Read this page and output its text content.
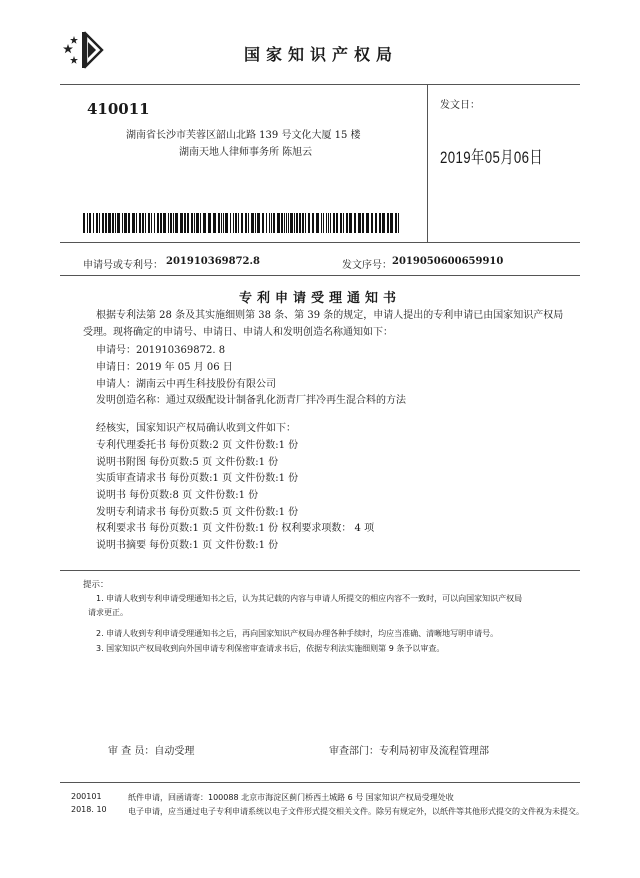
国家知识产权局
410011
湖南省长沙市芙蓉区韶山北路 139 号文化大厦 15 楼
湖南天地人律师事务所 陈旭云
发文日：
2019年05月06日
申请号或专利号： 201910369872.8	发文序号： 2019050600659910
专利申请受理通知书
根据专利法第 28 条及其实施细则第 38 条、第 39 条的规定，申请人提出的专利申请已由国家知识产权局
受理。现将确定的申请号、申请日、申请人和发明创造名称通知如下：
申请号：201910369872. 8
申请日：2019 年 05 月 06 日
申请人：湖南云中再生科技股份有限公司
发明创造名称：通过双级配设计制备乳化沥青厂拌冷再生混合料的方法
经核实，国家知识产权局确认收到文件如下：
专利代理委托书 每份页数:2 页 文件份数:1 份
说明书附图 每份页数:5 页 文件份数:1 份
实质审查请求书 每份页数:1 页 文件份数:1 份
说明书 每份页数:8 页 文件份数:1 份
发明专利请求书 每份页数:5 页 文件份数:1 份
权利要求书 每份页数:1 页 文件份数:1 份 权利要求项数： 4 项
说明书摘要 每份页数:1 页 文件份数:1 份
提示：
1. 申请人收到专利申请受理通知书之后，认为其记载的内容与申请人所提交的相应内容不一致时，可以向国家知识产权局
请求更正。
2. 申请人收到专利申请受理通知书之后，再向国家知识产权局办理各种手续时，均应当准确、清晰地写明申请号。
3. 国家知识产权局收到向外国申请专利保密审查请求书后，依据专利法实施细则第 9 条予以审查。
审 查 员：自动受理	审查部门：专利局初审及流程管理部
200101
2018. 10
纸件申请，回函请寄：100088 北京市海淀区蓟门桥西土城路 6 号 国家知识产权局受理处收
电子申请，应当通过电子专利申请系统以电子文件形式提交相关文件。除另有规定外，以纸件等其他形式提交的文件视为未提交。
